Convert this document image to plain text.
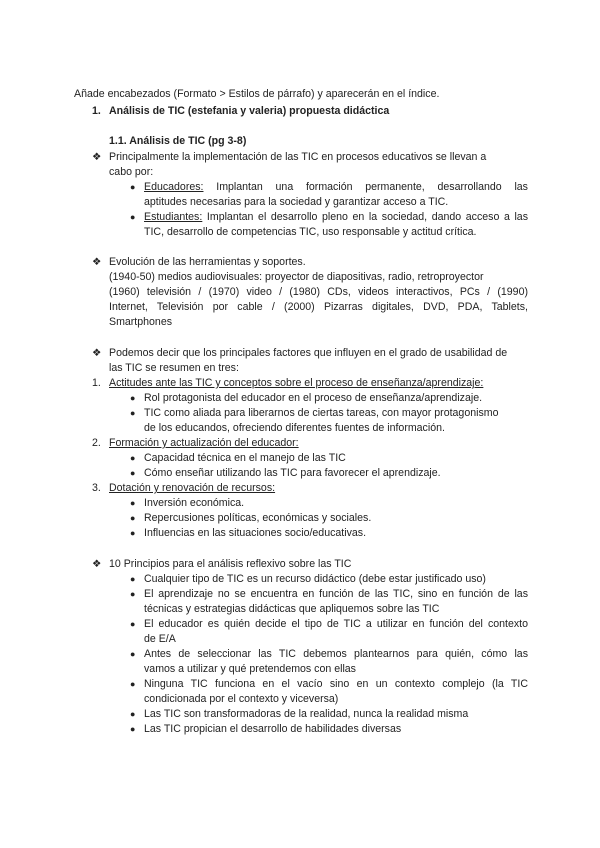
Añade encabezados (Formato > Estilos de párrafo) y aparecerán en el índice.
1. Análisis de TIC (estefania y valeria) propuesta didáctica
1.1. Análisis de TIC (pg 3-8)
❖ Principalmente la implementación de las TIC en procesos educativos se llevan a
cabo por:
● Educadores: Implantan una formación permanente, desarrollando las
aptitudes necesarias para la sociedad y garantizar acceso a TIC.
● Estudiantes: Implantan el desarrollo pleno en la sociedad, dando acceso a las
TIC, desarrollo de competencias TIC, uso responsable y actitud crítica.
❖ Evolución de las herramientas y soportes.
(1940-50) medios audiovisuales: proyector de diapositivas, radio, retroproyector
(1960) televisión / (1970) video / (1980) CDs, videos interactivos, PCs / (1990)
Internet, Televisión por cable / (2000) Pizarras digitales, DVD, PDA, Tablets,
Smartphones
❖ Podemos decir que los principales factores que influyen en el grado de usabilidad de
las TIC se resumen en tres:
1. Actitudes ante las TIC y conceptos sobre el proceso de enseñanza/aprendizaje:
● Rol protagonista del educador en el proceso de enseñanza/aprendizaje.
● TIC como aliada para liberarnos de ciertas tareas, con mayor protagonismo
de los educandos, ofreciendo diferentes fuentes de información.
2. Formación y actualización del educador:
● Capacidad técnica en el manejo de las TIC
● Cómo enseñar utilizando las TIC para favorecer el aprendizaje.
3. Dotación y renovación de recursos:
● Inversión económica.
● Repercusiones políticas, económicas y sociales.
● Influencias en las situaciones socio/educativas.
❖ 10 Principios para el análisis reflexivo sobre las TIC
● Cualquier tipo de TIC es un recurso didáctico (debe estar justificado uso)
● El aprendizaje no se encuentra en función de las TIC, sino en función de las
técnicas y estrategias didácticas que apliquemos sobre las TIC
● El educador es quién decide el tipo de TIC a utilizar en función del contexto
de E/A
● Antes de seleccionar las TIC debemos plantearnos para quién, cómo las
vamos a utilizar y qué pretendemos con ellas
● Ninguna TIC funciona en el vacío sino en un contexto complejo (la TIC
condicionada por el contexto y viceversa)
● Las TIC son transformadoras de la realidad, nunca la realidad misma
● Las TIC propician el desarrollo de habilidades diversas
